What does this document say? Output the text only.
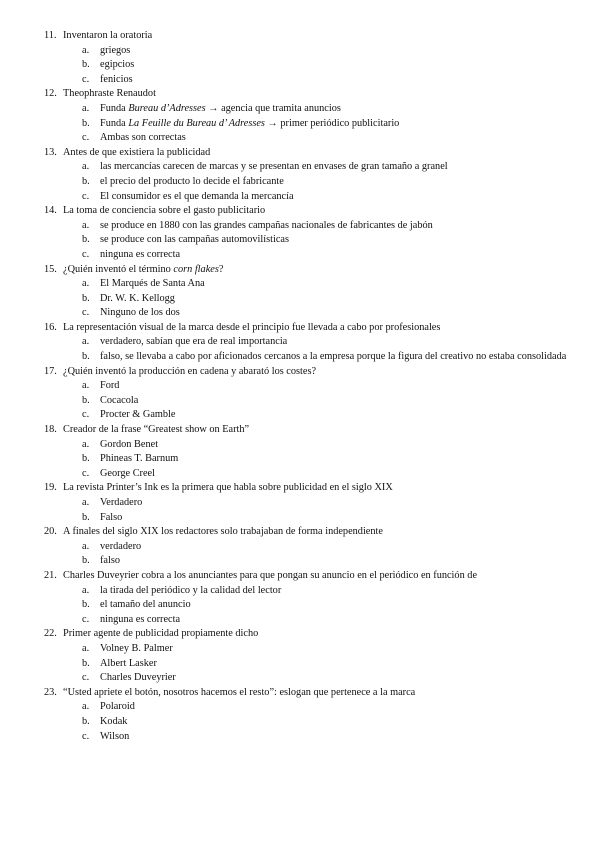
11. Inventaron la oratoria
a.	griegos
b. egipcios
c.	fenicios
12. Theophraste Renaudot
a.	Funda Bureau d’Adresses → agencia que tramita anuncios
b. Funda La Feuille du Bureau d’ Adresses → primer periódico publicitario
c.	Ambas son correctas
13. Antes de que existiera la publicidad
a.	las mercancías carecen de marcas y se presentan en envases de gran tamaño a granel
b. el precio del producto lo decide el fabricante
c.	El consumidor es el que demanda la mercancía
14. La toma de conciencia sobre el gasto publicitario
a.	se produce en 1880 con las grandes campañas nacionales de fabricantes de jabón
b. se produce con las campañas automovilísticas
c.	ninguna es correcta
15. ¿Quién inventó el término corn flakes?
a.	El Marqués de Santa Ana
b. Dr. W. K. Kellogg
c.	Ninguno de los dos
16. La representación visual de la marca desde el principio fue llevada a cabo por profesionales
a.	verdadero, sabían que era de real importancia
b. falso, se llevaba a cabo por aficionados cercanos a la empresa porque la figura del creativo no estaba consolidada
17. ¿Quién inventó la producción en cadena y abarató los costes?
a.	Ford
b. Cocacola
c.	Procter & Gamble
18. Creador de la frase “Greatest show on Earth”
a.	Gordon Benet
b. Phineas T. Barnum
c.	George Creel
19. La revista Printer’s Ink es la primera que habla sobre publicidad en el siglo XIX
a.	Verdadero
b. Falso
20. A finales del siglo XIX los redactores solo trabajaban de forma independiente
a.	verdadero
b. falso
21. Charles Duveyrier cobra a los anunciantes para que pongan su anuncio en el periódico en función de
a.	la tirada del periódico y la calidad del lector
b. el tamaño del anuncio
c.	ninguna es correcta
22. Primer agente de publicidad propiamente dicho
a.	Volney B. Palmer
b. Albert Lasker
c.	Charles Duveyrier
23. “Usted apriete el botón, nosotros hacemos el resto”: eslogan que pertenece a la marca
a.	Polaroid
b. Kodak
c.	Wilson
